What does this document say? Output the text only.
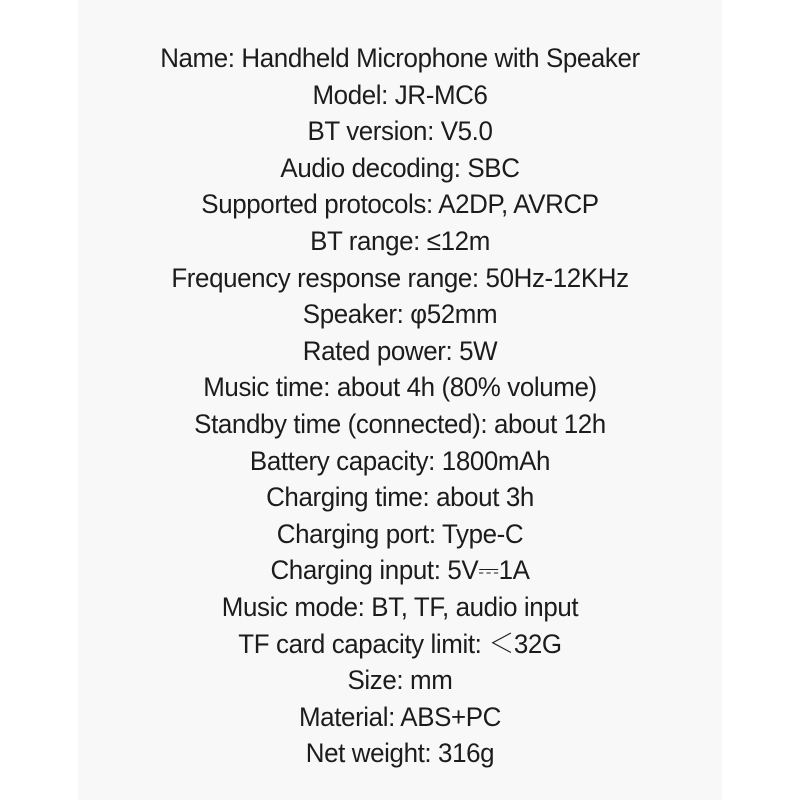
Name: Handheld Microphone with Speaker
Model: JR-MC6
BT version: V5.0
Audio decoding: SBC
Supported protocols: A2DP, AVRCP
BT range: ≤12m
Frequency response range: 50Hz-12KHz
Speaker: φ52mm
Rated power: 5W
Music time: about 4h (80% volume)
Standby time (connected): about 12h
Battery capacity: 1800mAh
Charging time: about 3h
Charging port: Type-C
Charging input: 5V⎓1A
Music mode: BT, TF, audio input
TF card capacity limit: ＜32G
Size: mm
Material: ABS+PC
Net weight: 316g
